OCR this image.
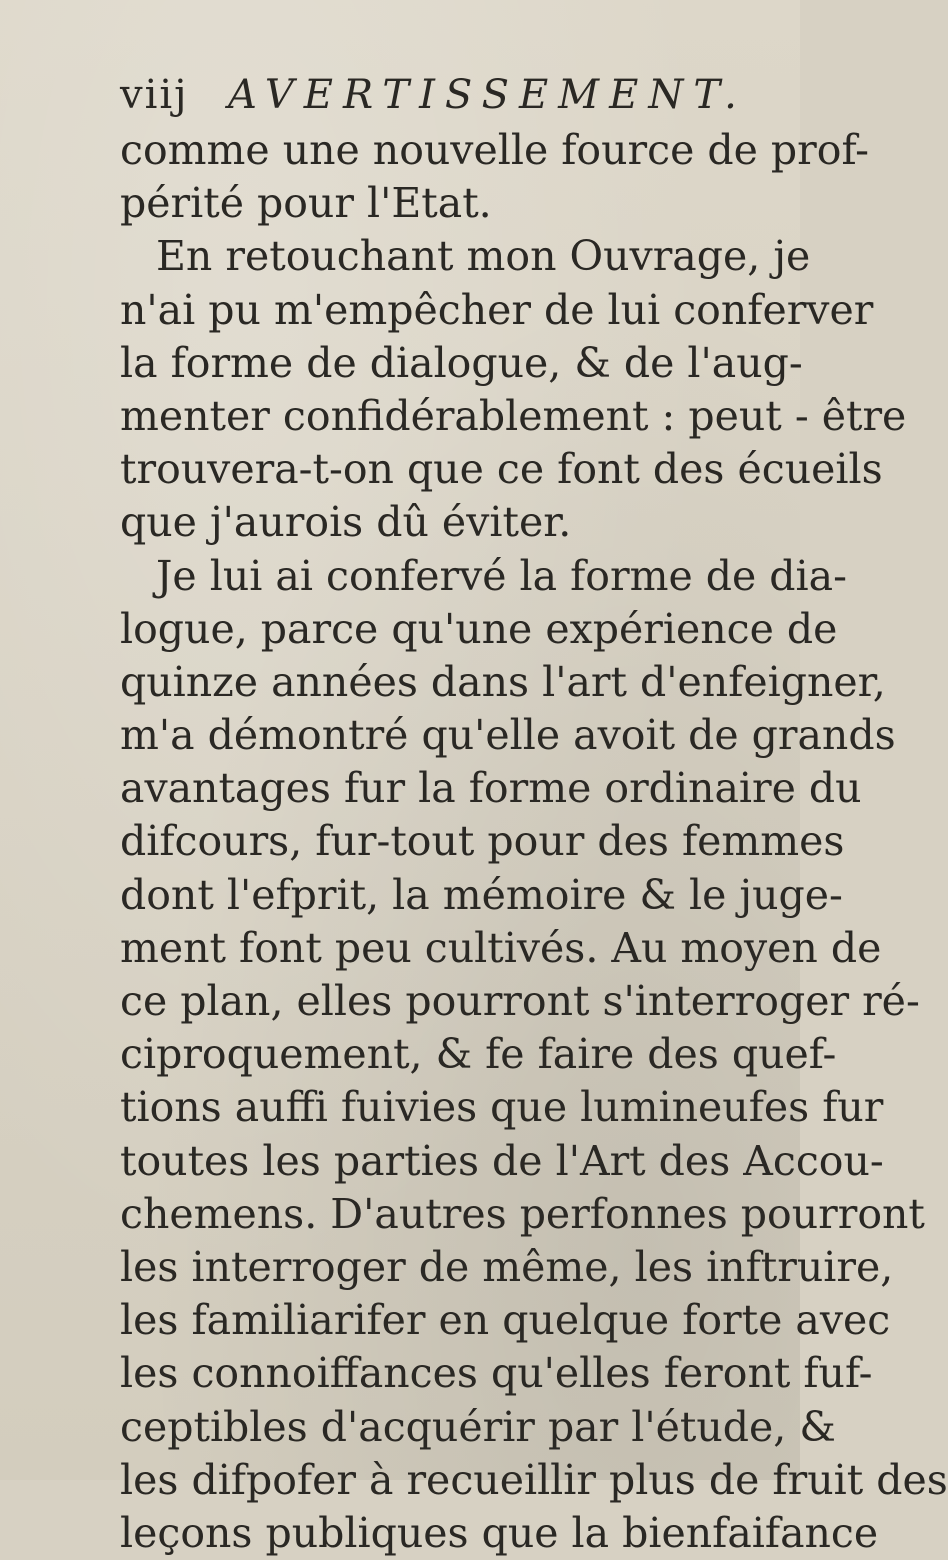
viij AVERTISSEMENT.
comme une nouvelle fource de prof-
périté pour l'Etat.
En retouchant mon Ouvrage, je
n'ai pu m'empêcher de lui conferver
la forme de dialogue, & de l'aug-
menter confidérablement : peut - être
trouvera-t-on que ce font des écueils
que j'aurois dû éviter.
Je lui ai confervé la forme de dia-
logue, parce qu'une expérience de
quinze années dans l'art d'enfeigner,
m'a démontré qu'elle avoit de grands
avantages fur la forme ordinaire du
difcours, fur-tout pour des femmes
dont l'efprit, la mémoire & le juge-
ment font peu cultivés. Au moyen de
ce plan, elles pourront s'interroger ré-
ciproquement, & fe faire des quef-
tions auffi fuivies que lumineufes fur
toutes les parties de l'Art des Accou-
chemens. D'autres perfonnes pourront
les interroger de même, les inftruire,
les familiarifer en quelque forte avec
les connoiffances qu'elles feront fuf-
ceptibles d'acquérir par l'étude, &
les difpofer à recueillir plus de fruit des
leçons publiques que la bienfaifance
